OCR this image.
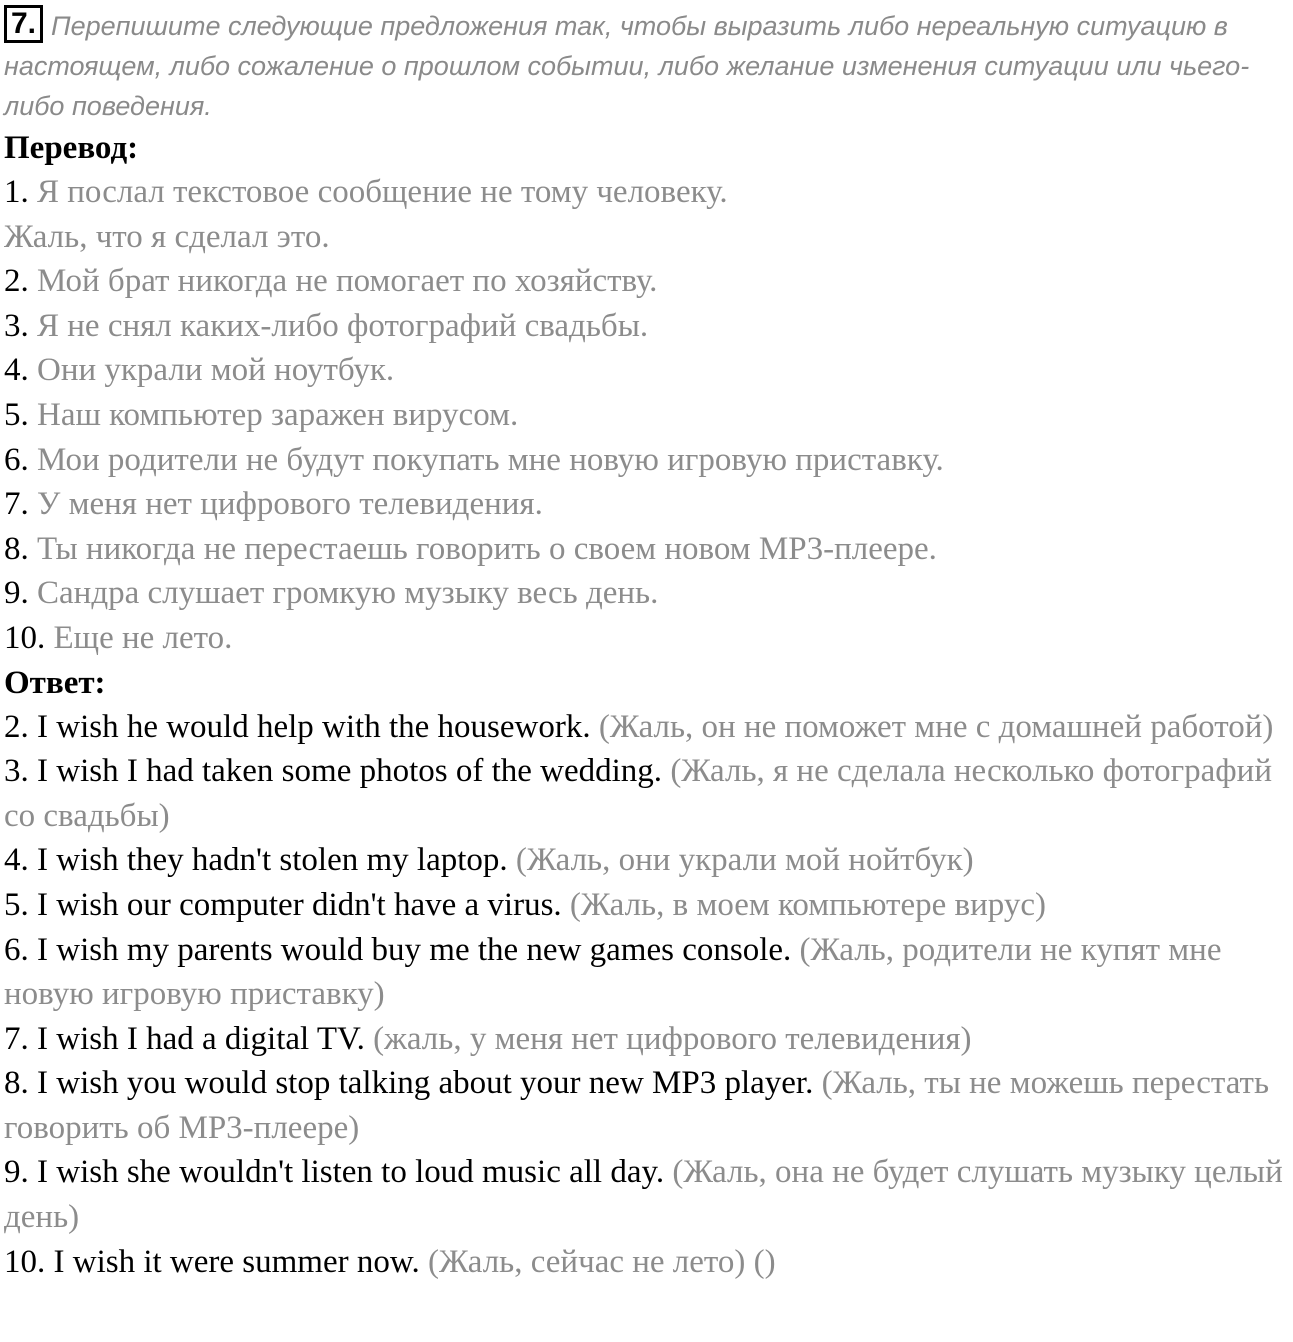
7. Перепишите следующие предложения так, чтобы выразить либо нереальную ситуацию в настоящем, либо сожаление о прошлом событии, либо желание изменения ситуации или чьего-либо поведения.

Перевод:

1. Я послал текстовое сообщение не тому человеку.

Жаль, что я сделал это.

2. Мой брат никогда не помогает по хозяйству.

3. Я не снял каких-либо фотографий свадьбы.

4. Они украли мой ноутбук.

5. Наш компьютер заражен вирусом.

6. Мои родители не будут покупать мне новую игровую приставку.

7. У меня нет цифрового телевидения.

8. Ты никогда не перестаешь говорить о своем новом MP3-плеере.

9. Сандра слушает громкую музыку весь день.

10. Еще не лето.

Ответ:

2. I wish he would help with the housework. (Жаль, он не поможет мне с домашней работой)

3. I wish I had taken some photos of the wedding. (Жаль, я не сделала несколько фотографий со свадьбы)

4. I wish they hadn't stolen my laptop. (Жаль, они украли мой нойтбук)

5. I wish our computer didn't have a virus. (Жаль, в моем компьютере вирус)

6. I wish my parents would buy me the new games console. (Жаль, родители не купят мне новую игровую приставку)

7. I wish I had a digital TV. (жаль, у меня нет цифрового телевидения)

8. I wish you would stop talking about your new MP3 player. (Жаль, ты не можешь перестать говорить об MP3-плеере)

9. I wish she wouldn't listen to loud music all day. (Жаль, она не будет слушать музыку целый день)

10. I wish it were summer now. (Жаль, сейчас не лето) ()
